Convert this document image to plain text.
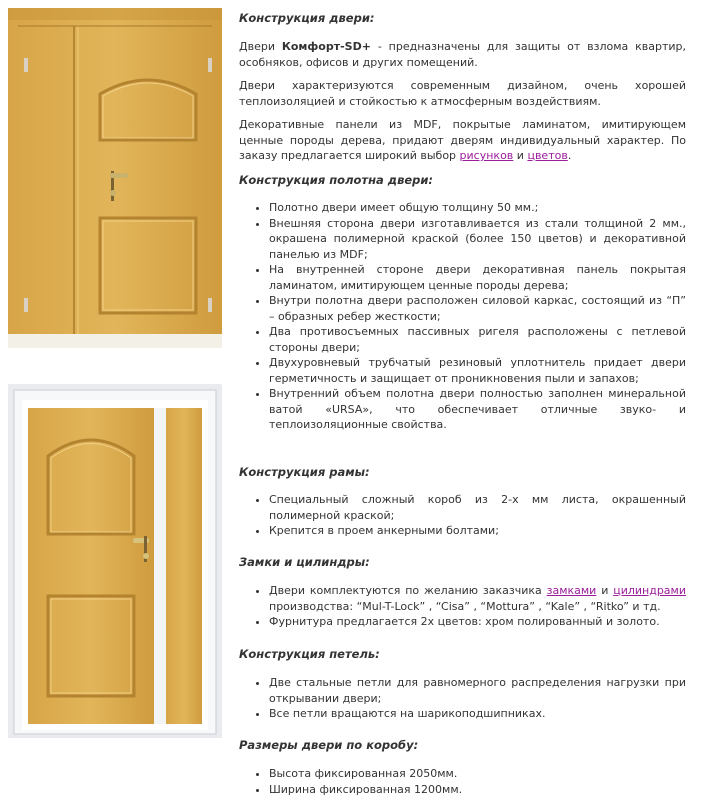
Конструкция двери:

Двери Комфорт-SD+ - предназначены для защиты от взлома квартир, особняков, офисов и других помещений.

Двери характеризуются современным дизайном, очень хорошей теплоизоляцией и стойкостью к атмосферным воздействиям.

Декоративные панели из MDF, покрытые ламинатом, имитирующем ценные породы дерева, придают дверям индивидуальный характер. По заказу предлагается широкий выбор рисунков и цветов.

Конструкция полотна двери:
• Полотно двери имеет общую толщину 50 мм.;
• Внешняя сторона двери изготавливается из стали толщиной 2 мм., окрашена полимерной краской (более 150 цветов) и декоративной панелью из MDF;
• На внутренней стороне двери декоративная панель покрытая ламинатом, имитирующем ценные породы дерева;
• Внутри полотна двери расположен силовой каркас, состоящий из “П” – образных ребер жесткости;
• Два противосъемных пассивных ригеля расположены с петлевой стороны двери;
• Двухуровневый трубчатый резиновый уплотнитель придает двери герметичность и защищает от проникновения пыли и запахов;
• Внутренний объем полотна двери полностью заполнен минеральной ватой «URSA», что обеспечивает отличные звуко- и теплоизоляционные свойства.
Конструкция рамы:
• Специальный сложный короб из 2-х мм листа, окрашенный полимерной краской;
• Крепится в проем анкерными болтами;
Замки и цилиндры:
• Двери комплектуются по желанию заказчика замками и цилиндрами производства: “Mul-T-Lock” , “Cisa” , “Mottura” , “Kale” , “Ritko” и тд.
• Фурнитура предлагается 2х цветов: хром полированный и золото.
Конструкция петель:
• Две стальные петли для равномерного распределения нагрузки при открывании двери;
• Все петли вращаются на шарикоподшипниках.
Размеры двери по коробу:
• Высота фиксированная 2050мм.
• Ширина фиксированная 1200мм.
